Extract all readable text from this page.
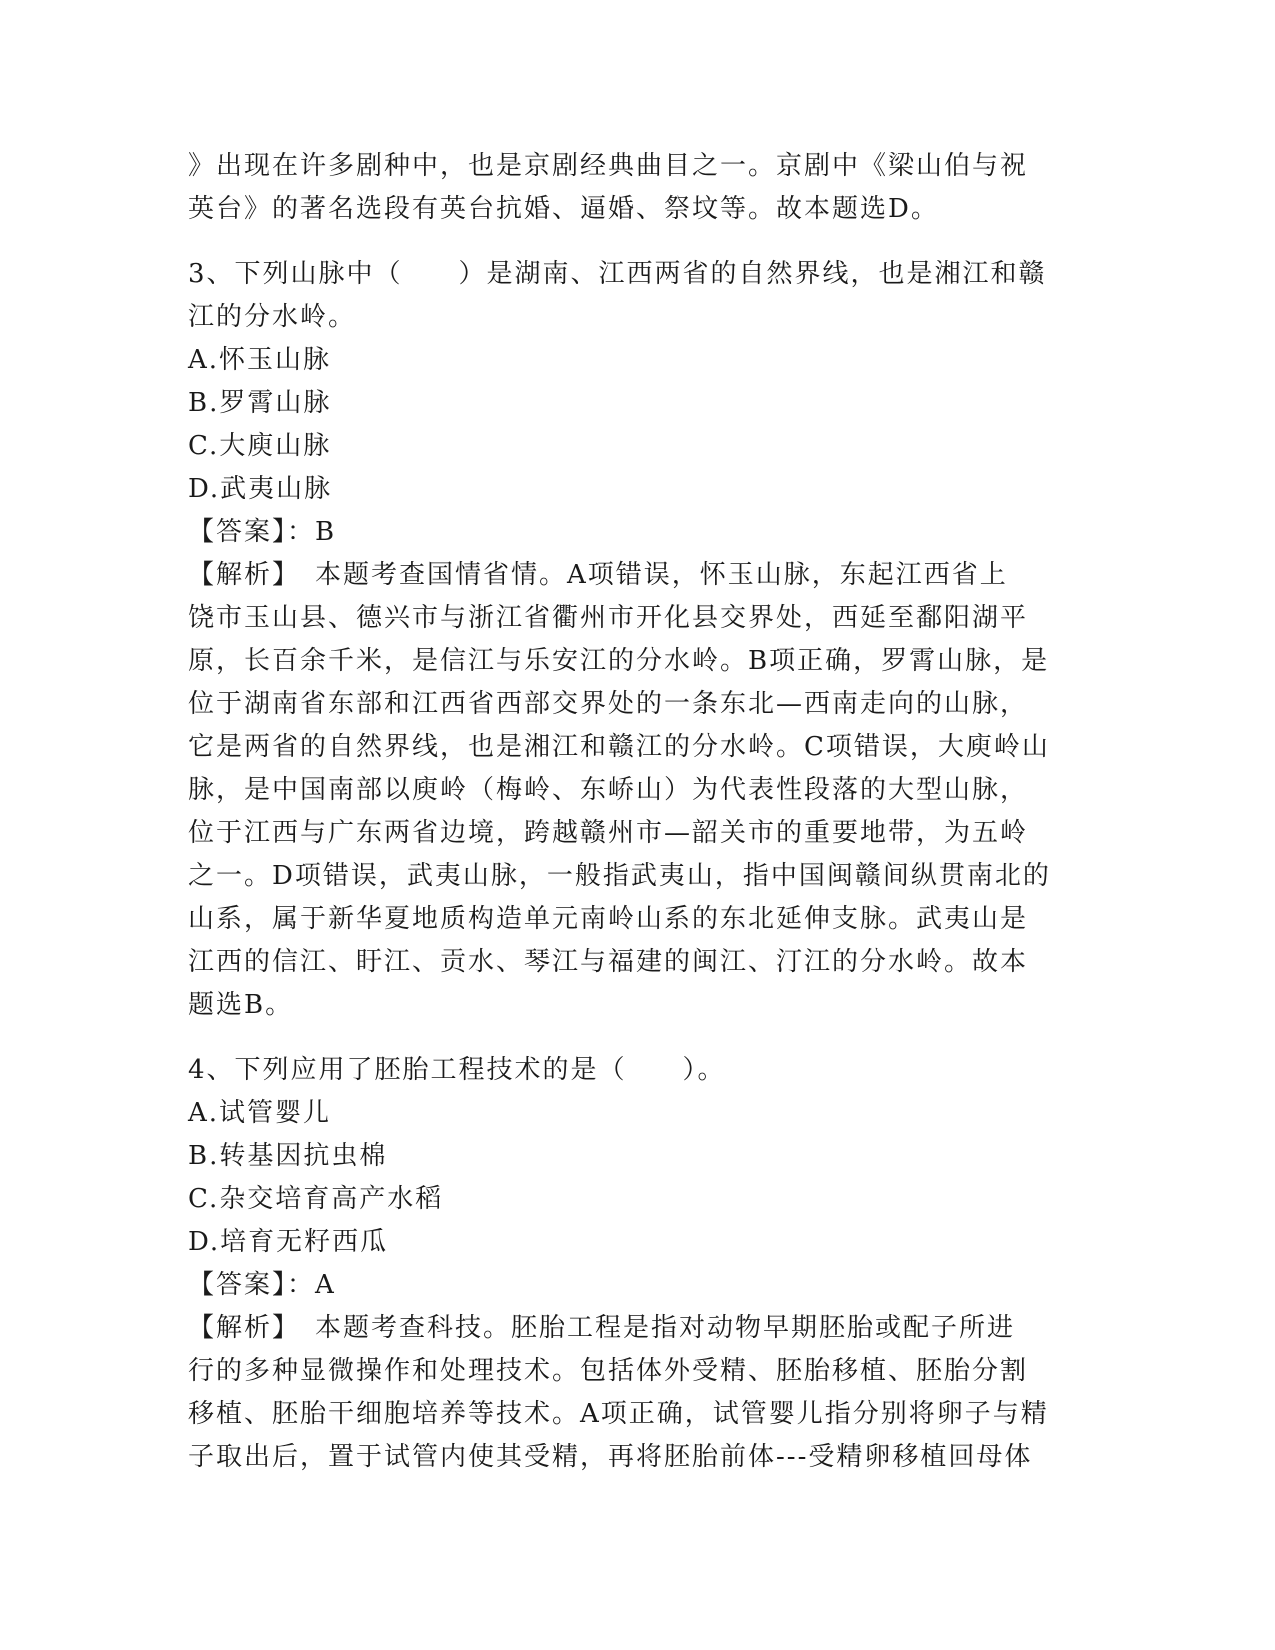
》出现在许多剧种中，也是京剧经典曲目之一。京剧中《梁山伯与祝
英台》的著名选段有英台抗婚、逼婚、祭坟等。故本题选D。
3、下列山脉中（　　）是湖南、江西两省的自然界线，也是湘江和赣
江的分水岭。
A.怀玉山脉
B.罗霄山脉
C.大庾山脉
D.武夷山脉
【答案】：B
【解析】　本题考查国情省情。A项错误，怀玉山脉，东起江西省上
饶市玉山县、德兴市与浙江省衢州市开化县交界处，西延至鄱阳湖平
原，长百余千米，是信江与乐安江的分水岭。B项正确，罗霄山脉，是
位于湖南省东部和江西省西部交界处的一条东北—西南走向的山脉，
它是两省的自然界线，也是湘江和赣江的分水岭。C项错误，大庾岭山
脉，是中国南部以庾岭（梅岭、东峤山）为代表性段落的大型山脉，
位于江西与广东两省边境，跨越赣州市—韶关市的重要地带，为五岭
之一。D项错误，武夷山脉，一般指武夷山，指中国闽赣间纵贯南北的
山系，属于新华夏地质构造单元南岭山系的东北延伸支脉。武夷山是
江西的信江、盱江、贡水、琴江与福建的闽江、汀江的分水岭。故本
题选B。
4、下列应用了胚胎工程技术的是（　　）。
A.试管婴儿
B.转基因抗虫棉
C.杂交培育高产水稻
D.培育无籽西瓜
【答案】：A
【解析】　本题考查科技。胚胎工程是指对动物早期胚胎或配子所进
行的多种显微操作和处理技术。包括体外受精、胚胎移植、胚胎分割
移植、胚胎干细胞培养等技术。A项正确，试管婴儿指分别将卵子与精
子取出后，置于试管内使其受精，再将胚胎前体---受精卵移植回母体
